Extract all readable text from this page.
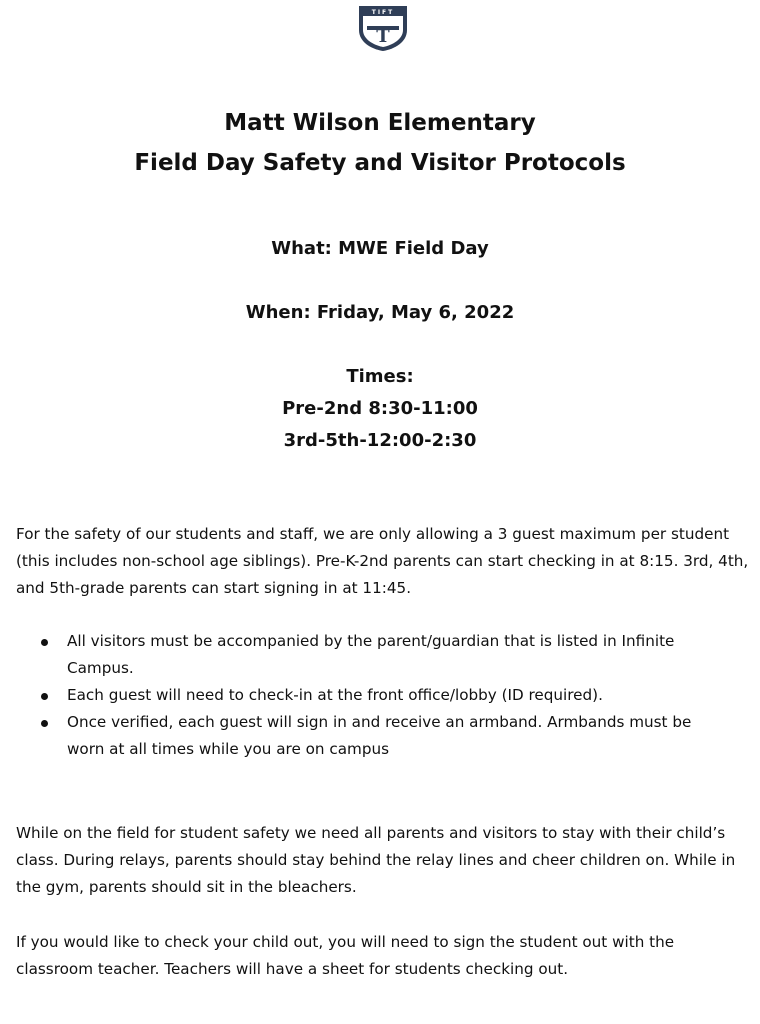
TIFT
T
Matt Wilson Elementary
Field Day Safety and Visitor Protocols
What: MWE Field Day
When: Friday, May 6, 2022
Times:
Pre-2nd 8:30-11:00
3rd-5th-12:00-2:30

For the safety of our students and staff, we are only allowing a 3 guest maximum per student (this includes non-school age siblings). Pre-K-2nd parents can start checking in at 8:15. 3rd, 4th, and 5th-grade parents can start signing in at 11:45.

All visitors must be accompanied by the parent/guardian that is listed in Infinite Campus.
Each guest will need to check-in at the front office/lobby (ID required).
Once verified, each guest will sign in and receive an armband. Armbands must be worn at all times while you are on campus

While on the field for student safety we need all parents and visitors to stay with their child’s class. During relays, parents should stay behind the relay lines and cheer children on. While in the gym, parents should sit in the bleachers.

If you would like to check your child out, you will need to sign the student out with the classroom teacher. Teachers will have a sheet for students checking out.
